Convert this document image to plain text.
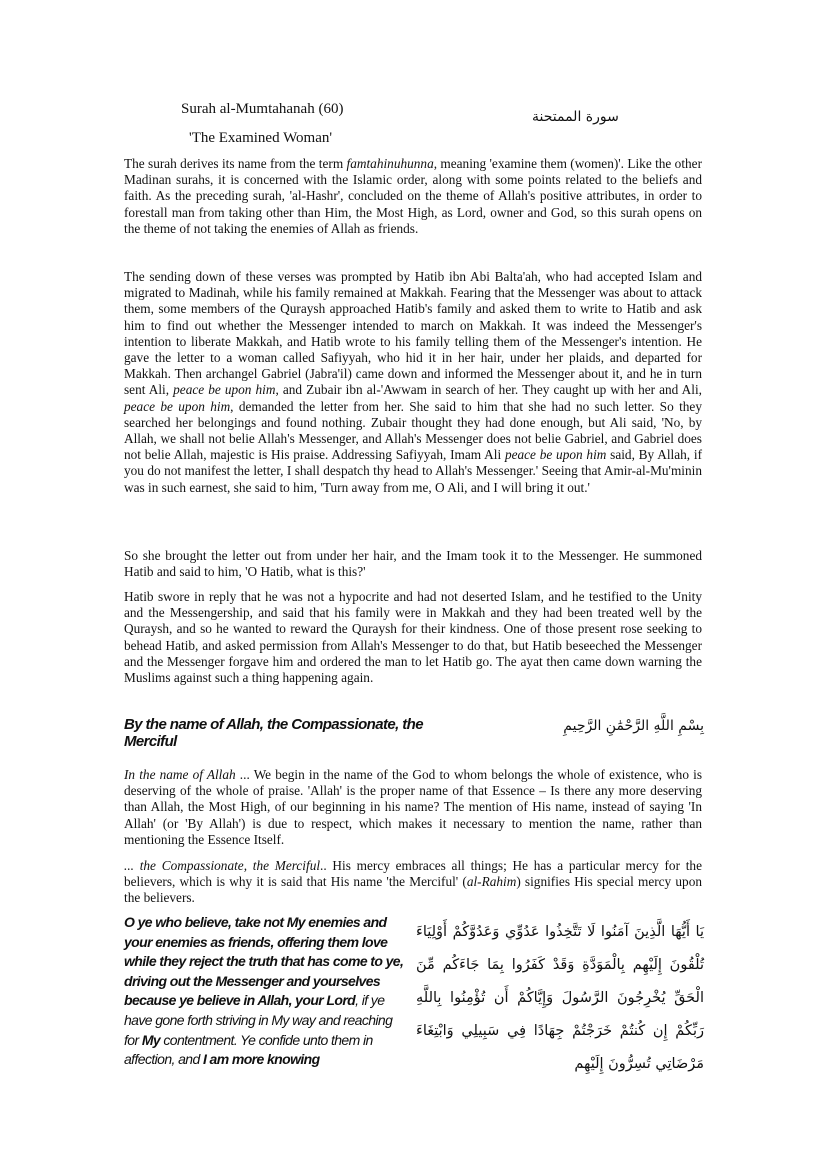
Surah al-Mumtahanah (60)
'The Examined Woman'
سورة الممتحنة

The surah derives its name from the term famtahinuhunna, meaning 'examine them (women)'. Like the other Madinan surahs, it is concerned with the Islamic order, along with some points related to the beliefs and faith. As the preceding surah, 'al-Hashr', concluded on the theme of Allah's positive attributes, in order to forestall man from taking other than Him, the Most High, as Lord, owner and God, so this surah opens on the theme of not taking the enemies of Allah as friends.

The sending down of these verses was prompted by Hatib ibn Abi Balta'ah, who had accepted Islam and migrated to Madinah, while his family remained at Makkah. Fearing that the Messenger was about to attack them, some members of the Quraysh approached Hatib's family and asked them to write to Hatib and ask him to find out whether the Messenger intended to march on Makkah. It was indeed the Messenger's intention to liberate Makkah, and Hatib wrote to his family telling them of the Messenger's intention. He gave the letter to a woman called Safiyyah, who hid it in her hair, under her plaids, and departed for Makkah. Then archangel Gabriel (Jabra'il) came down and informed the Messenger about it, and he in turn sent Ali, peace be upon him, and Zubair ibn al-'Awwam in search of her. They caught up with her and Ali, peace be upon him, demanded the letter from her. She said to him that she had no such letter. So they searched her belongings and found nothing. Zubair thought they had done enough, but Ali said, 'No, by Allah, we shall not belie Allah's Messenger, and Allah's Messenger does not belie Gabriel, and Gabriel does not belie Allah, majestic is His praise. Addressing Safiyyah, Imam Ali peace be upon him said, By Allah, if you do not manifest the letter, I shall despatch thy head to Allah's Messenger.' Seeing that Amir-al-Mu'minin was in such earnest, she said to him, 'Turn away from me, O Ali, and I will bring it out.'

So she brought the letter out from under her hair, and the Imam took it to the Messenger. He summoned Hatib and said to him, 'O Hatib, what is this?'

Hatib swore in reply that he was not a hypocrite and had not deserted Islam, and he testified to the Unity and the Messengership, and said that his family were in Makkah and they had been treated well by the Quraysh, and so he wanted to reward the Quraysh for their kindness. One of those present rose seeking to behead Hatib, and asked permission from Allah's Messenger to do that, but Hatib beseeched the Messenger and the Messenger forgave him and ordered the man to let Hatib go. The ayat then came down warning the Muslims against such a thing happening again.

By the name of Allah, the Compassionate, the Merciful

بِسْمِ اللَّهِ الرَّحْمَٰنِ الرَّحِيمِ

In the name of Allah ... We begin in the name of the God to whom belongs the whole of existence, who is deserving of the whole of praise. 'Allah' is the proper name of that Essence – Is there any more deserving than Allah, the Most High, of our beginning in his name? The mention of His name, instead of saying 'In Allah' (or 'By Allah') is due to respect, which makes it necessary to mention the name, rather than mentioning the Essence Itself.

... the Compassionate, the Merciful.. His mercy embraces all things; He has a particular mercy for the believers, which is why it is said that His name 'the Merciful' (al-Rahim) signifies His special mercy upon the believers.

O ye who believe, take not My enemies and your enemies as friends, offering them love while they reject the truth that has come to ye, driving out the Messenger and yourselves because ye believe in Allah, your Lord, if ye have gone forth striving in My way and reaching for My contentment. Ye confide unto them in affection, and I am more knowing

يَا أَيُّهَا الَّذِينَ آمَنُوا لَا تَتَّخِذُوا عَدُوِّي وَعَدُوَّكُمْ أَوْلِيَاءَ تُلْقُونَ إِلَيْهِم بِالْمَوَدَّةِ وَقَدْ كَفَرُوا بِمَا جَاءَكُم مِّنَ الْحَقِّ يُخْرِجُونَ الرَّسُولَ وَإِيَّاكُمْ أَن تُؤْمِنُوا بِاللَّهِ رَبِّكُمْ إِن كُنتُمْ خَرَجْتُمْ جِهَادًا فِي سَبِيلِي وَابْتِغَاءَ مَرْضَاتِي تُسِرُّونَ إِلَيْهِم
